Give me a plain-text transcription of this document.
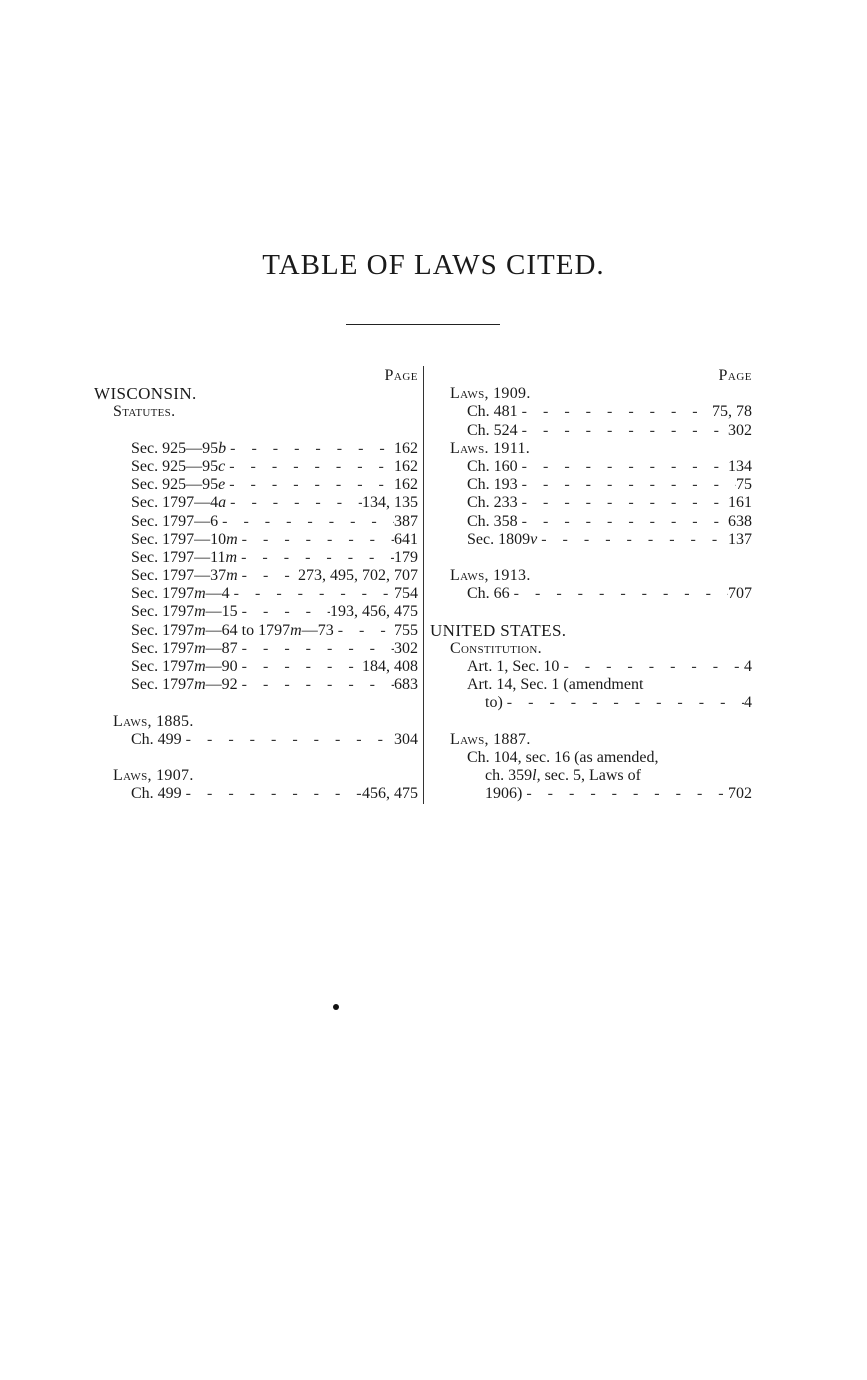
TABLE OF LAWS CITED.
Page
WISCONSIN.
Statutes.
Sec. 925—95b - - -	162
Sec. 925—95c - - -	162
Sec. 925—95e - - -	162
Sec. 1797—4a - - -	134, 135
Sec. 1797—6 - - -	387
Sec. 1797—10m - - -	641
Sec. 1797—11m - - -	179
Sec. 1797—37m - - -	273, 495, 702, 707
Sec. 1797m—4 - - -	754
Sec. 1797m—15 - - -	193, 456, 475
Sec. 1797m—64 to 1797m—73 - - -	755
Sec. 1797m—87 - - -	302
Sec. 1797m—90 - - -	184, 408
Sec. 1797m—92 - - -	683
Laws, 1885.
Ch. 499 - - -	304
Laws, 1907.
Ch. 499 - - -	456, 475
Page
Laws, 1909.
Ch. 481 - - -	75, 78
Ch. 524 - - -	302
Laws. 1911.
Ch. 160 - - -	134
Ch. 193 - - -	75
Ch. 233 - - -	161
Ch. 358 - - -	638
Sec. 1809v - - -	137
Laws, 1913.
Ch. 66 - - -	707
UNITED STATES.
Constitution.
Art. 1, Sec. 10 - - -	4
Art. 14, Sec. 1 (amendment
to) - - -	4
Laws, 1887.
Ch. 104, sec. 16 (as amended,
ch. 359l, sec. 5, Laws of
1906) - - -	702
